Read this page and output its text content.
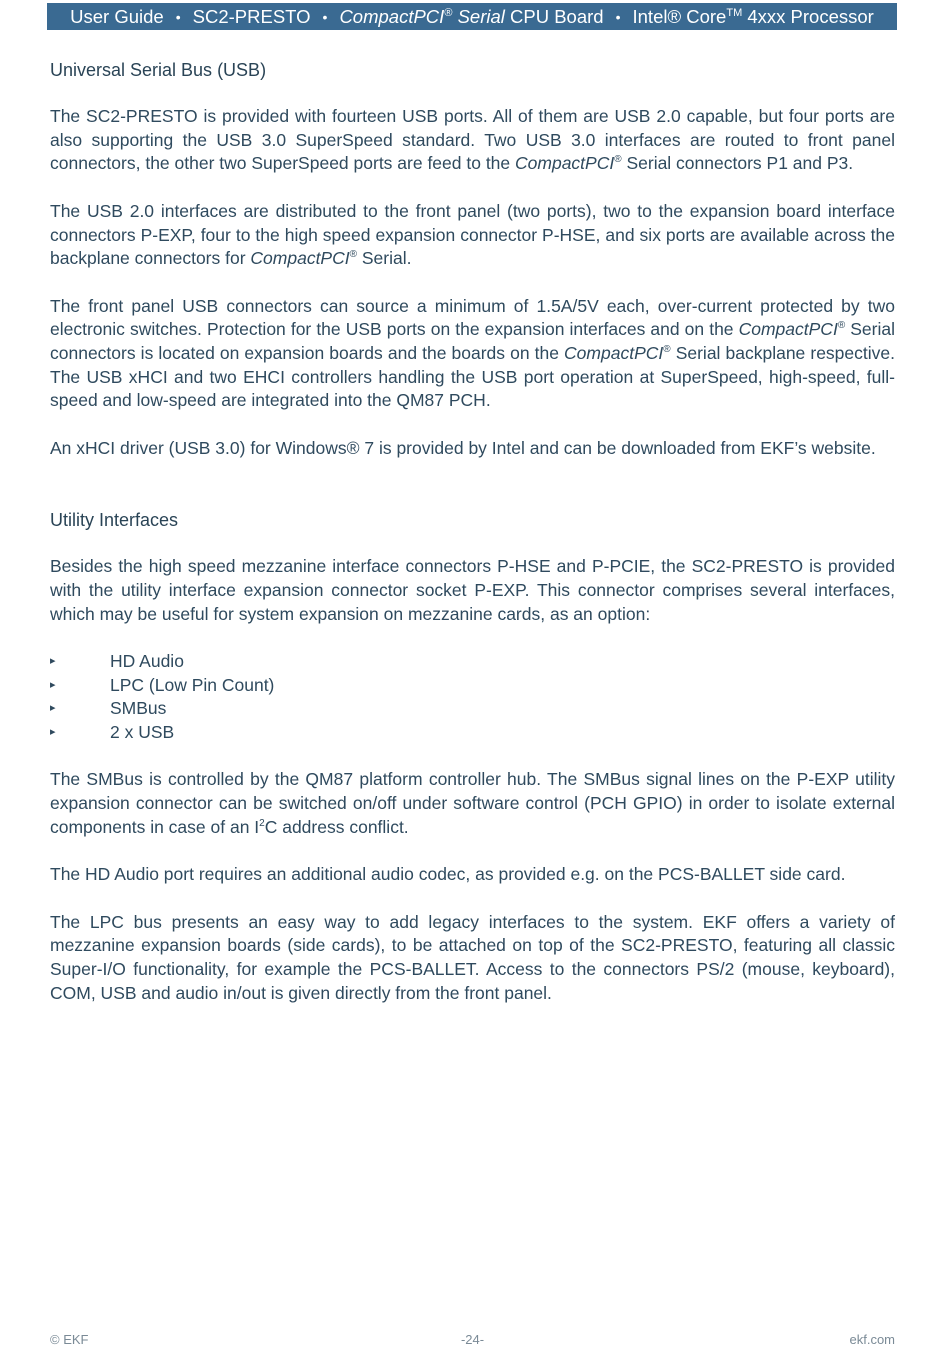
User Guide • SC2-PRESTO • CompactPCI® Serial CPU Board • Intel® Core™ 4xxx Processor
Universal Serial Bus (USB)

The SC2-PRESTO is provided with fourteen USB ports. All of them are USB 2.0 capable, but four ports are also supporting the USB 3.0 SuperSpeed standard. Two USB 3.0 interfaces are routed to front panel connectors, the other two SuperSpeed ports are feed to the CompactPCI® Serial connectors P1 and P3.

The USB 2.0 interfaces are distributed to the front panel (two ports), two to the expansion board interface connectors P-EXP, four to the high speed expansion connector P-HSE, and six ports are available across the backplane connectors for CompactPCI® Serial.

The front panel USB connectors can source a minimum of 1.5A/5V each, over-current protected by two electronic switches. Protection for the USB ports on the expansion interfaces and on the CompactPCI® Serial connectors is located on expansion boards and the boards on the CompactPCI® Serial backplane respective. The USB xHCI and two EHCI controllers handling the USB port operation at SuperSpeed, high-speed, full-speed and low-speed are integrated into the QM87 PCH.

An xHCI driver (USB 3.0) for Windows® 7 is provided by Intel and can be downloaded from EKF’s website.

Utility Interfaces

Besides the high speed mezzanine interface connectors P-HSE and P-PCIE, the SC2-PRESTO is provided with the utility interface expansion connector socket P-EXP. This connector comprises several interfaces, which may be useful for system expansion on mezzanine cards, as an option:

▸	HD Audio
▸	LPC (Low Pin Count)
▸	SMBus
▸	2 x USB

The SMBus is controlled by the QM87 platform controller hub. The SMBus signal lines on the P-EXP utility expansion connector can be switched on/off under software control (PCH GPIO) in order to isolate external components in case of an $I^2C$ address conflict.

The HD Audio port requires an additional audio codec, as provided e.g. on the PCS-BALLET side card.

The LPC bus presents an easy way to add legacy interfaces to the system. EKF offers a variety of mezzanine expansion boards (side cards), to be attached on top of the SC2-PRESTO, featuring all classic Super-I/O functionality, for example the PCS-BALLET. Access to the connectors PS/2 (mouse, keyboard), COM, USB and audio in/out is given directly from the front panel.

© EKF	-24-	ekf.com
